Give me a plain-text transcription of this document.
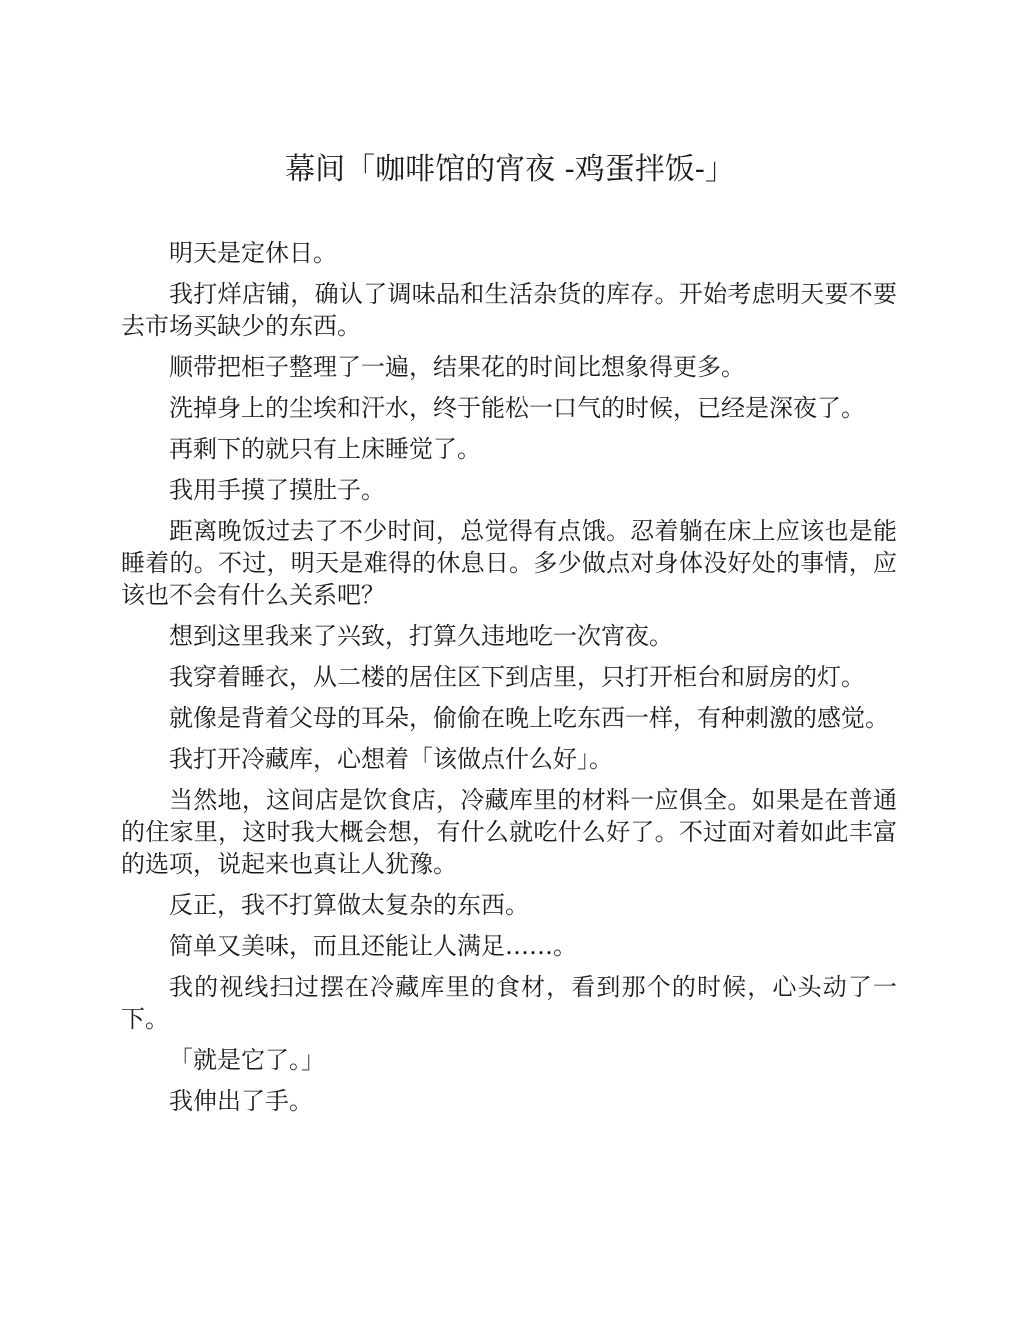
幕间「咖啡馆的宵夜 -鸡蛋拌饭-」

明天是定休日。

我打烊店铺，确认了调味品和生活杂货的库存。开始考虑明天要不要去市场买缺少的东西。

顺带把柜子整理了一遍，结果花的时间比想象得更多。

洗掉身上的尘埃和汗水，终于能松一口气的时候，已经是深夜了。

再剩下的就只有上床睡觉了。

我用手摸了摸肚子。

距离晚饭过去了不少时间，总觉得有点饿。忍着躺在床上应该也是能睡着的。不过，明天是难得的休息日。多少做点对身体没好处的事情，应该也不会有什么关系吧？

想到这里我来了兴致，打算久违地吃一次宵夜。

我穿着睡衣，从二楼的居住区下到店里，只打开柜台和厨房的灯。

就像是背着父母的耳朵，偷偷在晚上吃东西一样，有种刺激的感觉。

我打开冷藏库，心想着「该做点什么好」。

当然地，这间店是饮食店，冷藏库里的材料一应俱全。如果是在普通的住家里，这时我大概会想，有什么就吃什么好了。不过面对着如此丰富的选项，说起来也真让人犹豫。

反正，我不打算做太复杂的东西。

简单又美味，而且还能让人满足……。

我的视线扫过摆在冷藏库里的食材，看到那个的时候，心头动了一下。

「就是它了。」

我伸出了手。
